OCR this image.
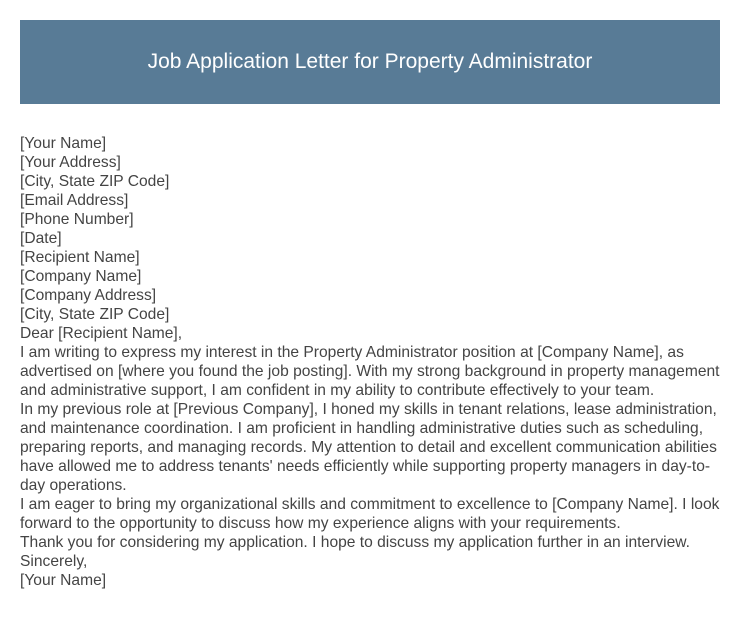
Job Application Letter for Property Administrator
[Your Name]
[Your Address]
[City, State ZIP Code]
[Email Address]
[Phone Number]
[Date]
[Recipient Name]
[Company Name]
[Company Address]
[City, State ZIP Code]
Dear [Recipient Name],

I am writing to express my interest in the Property Administrator position at [Company Name], as advertised on [where you found the job posting]. With my strong background in property management and administrative support, I am confident in my ability to contribute effectively to your team.

In my previous role at [Previous Company], I honed my skills in tenant relations, lease administration, and maintenance coordination. I am proficient in handling administrative duties such as scheduling, preparing reports, and managing records. My attention to detail and excellent communication abilities have allowed me to address tenants' needs efficiently while supporting property managers in day-to-day operations.

I am eager to bring my organizational skills and commitment to excellence to [Company Name]. I look forward to the opportunity to discuss how my experience aligns with your requirements.

Thank you for considering my application. I hope to discuss my application further in an interview.

Sincerely,
[Your Name]
